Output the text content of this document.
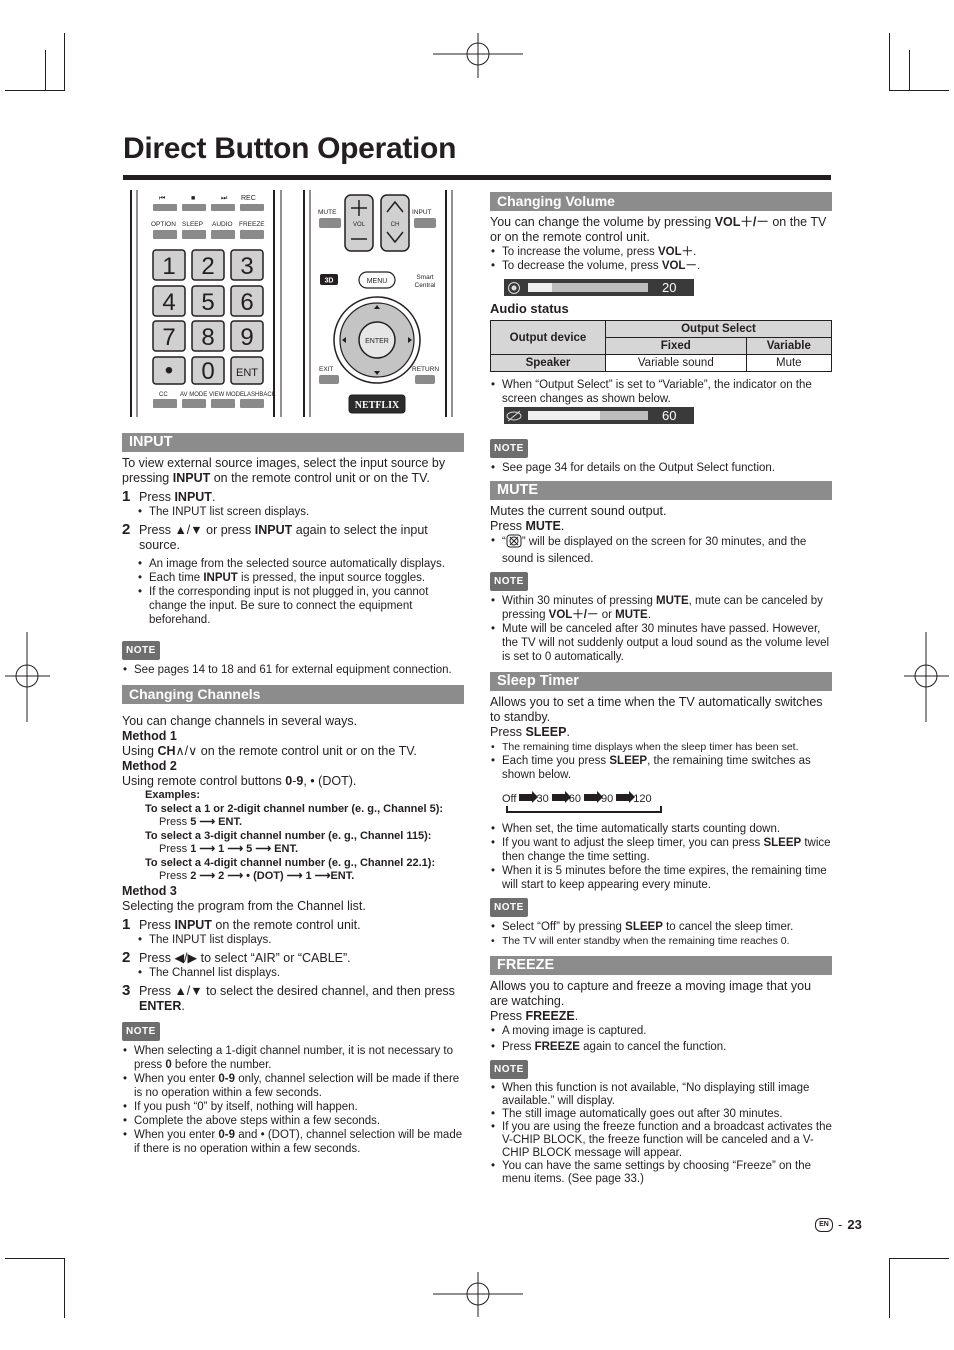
Direct Button Operation
⏮	■	⏭ REC
OPTION SLEEP AUDIO FREEZE
1 2 3
4 5 6
7 8 9
• 0 ENT
CC AV MODE VIEW MODE
FLASHBACK
MUTE	INPUT
VOL	CH
3D	MENU
Smart
Central
ENTER
EXIT	RETURN
NETFLIX
INPUT

To view external source images, select the input source by pressing INPUT on the remote control unit or on the TV.

1 Press INPUT.
• The INPUT list screen displays.
2 Press ▲/▼ or press INPUT again to select the input source.
• An image from the selected source automatically displays.
• Each time INPUT is pressed, the input source toggles.
• If the corresponding input is not plugged in, you cannot change the input. Be sure to connect the equipment beforehand.
NOTE
• See pages 14 to 18 and 61 for external equipment connection.
Changing Channels

You can change channels in several ways.

Method 1

Using CH∧/∨ on the remote control unit or on the TV.

Method 2

Using remote control buttons 0-9, • (DOT).

Examples:
To select a 1 or 2-digit channel number (e. g., Channel 5):
Press 5 ⟶ ENT.
To select a 3-digit channel number (e. g., Channel 115):
Press 1 ⟶ 1 ⟶ 5 ⟶ ENT.
To select a 4-digit channel number (e. g., Channel 22.1):
Press 2 ⟶ 2 ⟶ • (DOT) ⟶ 1 ⟶ENT.

Method 3

Selecting the program from the Channel list.

1 Press INPUT on the remote control unit.
• The INPUT list displays.
2 Press ◀/▶ to select “AIR” or “CABLE”.
• The Channel list displays.
3 Press ▲/▼ to select the desired channel, and then press ENTER.
NOTE
• When selecting a 1-digit channel number, it is not necessary to press 0 before the number.
• When you enter 0-9 only, channel selection will be made if there is no operation within a few seconds.
• If you push “0” by itself, nothing will happen.
• Complete the above steps within a few seconds.
• When you enter 0-9 and • (DOT), channel selection will be made if there is no operation within a few seconds.
Changing Volume

You can change the volume by pressing VOL＋/－ on the TV or on the remote control unit.

• To increase the volume, press VOL＋.
• To decrease the volume, press VOL－.
20

Audio status

Output device	Output Select	
	Fixed	Variable
Speaker	Variable sound	Mute
• When “Output Select” is set to “Variable”, the indicator on the screen changes as shown below.
60
NOTE
• See page 34 for details on the Output Select function.
MUTE

Mutes the current sound output.

Press MUTE.

• “ ” will be displayed on the screen for 30 minutes, and the sound is silenced.
NOTE
• Within 30 minutes of pressing MUTE, mute can be canceled by pressing VOL＋/－ or MUTE.
• Mute will be canceled after 30 minutes have passed. However, the TV will not suddenly output a loud sound as the volume level is set to 0 automatically.
Sleep Timer

Allows you to set a time when the TV automatically switches to standby.

Press SLEEP.

• The remaining time displays when the sleep timer has been set.
• Each time you press SLEEP, the remaining time switches as shown below.
Off 30 60 90 120
• When set, the time automatically starts counting down.
• If you want to adjust the sleep timer, you can press SLEEP twice then change the time setting.
• When it is 5 minutes before the time expires, the remaining time will start to keep appearing every minute.
NOTE
• Select “Off” by pressing SLEEP to cancel the sleep timer.
• The TV will enter standby when the remaining time reaches 0.
FREEZE

Allows you to capture and freeze a moving image that you are watching.

Press FREEZE.

• A moving image is captured.
• Press FREEZE again to cancel the function.
NOTE
• When this function is not available, “No displaying still image available.” will display.
• The still image automatically goes out after 30 minutes.
• If you are using the freeze function and a broadcast activates the V-CHIP BLOCK, the freeze function will be canceled and a V-CHIP BLOCK message will appear.
• You can have the same settings by choosing “Freeze” on the menu items. (See page 33.)
EN - 23
